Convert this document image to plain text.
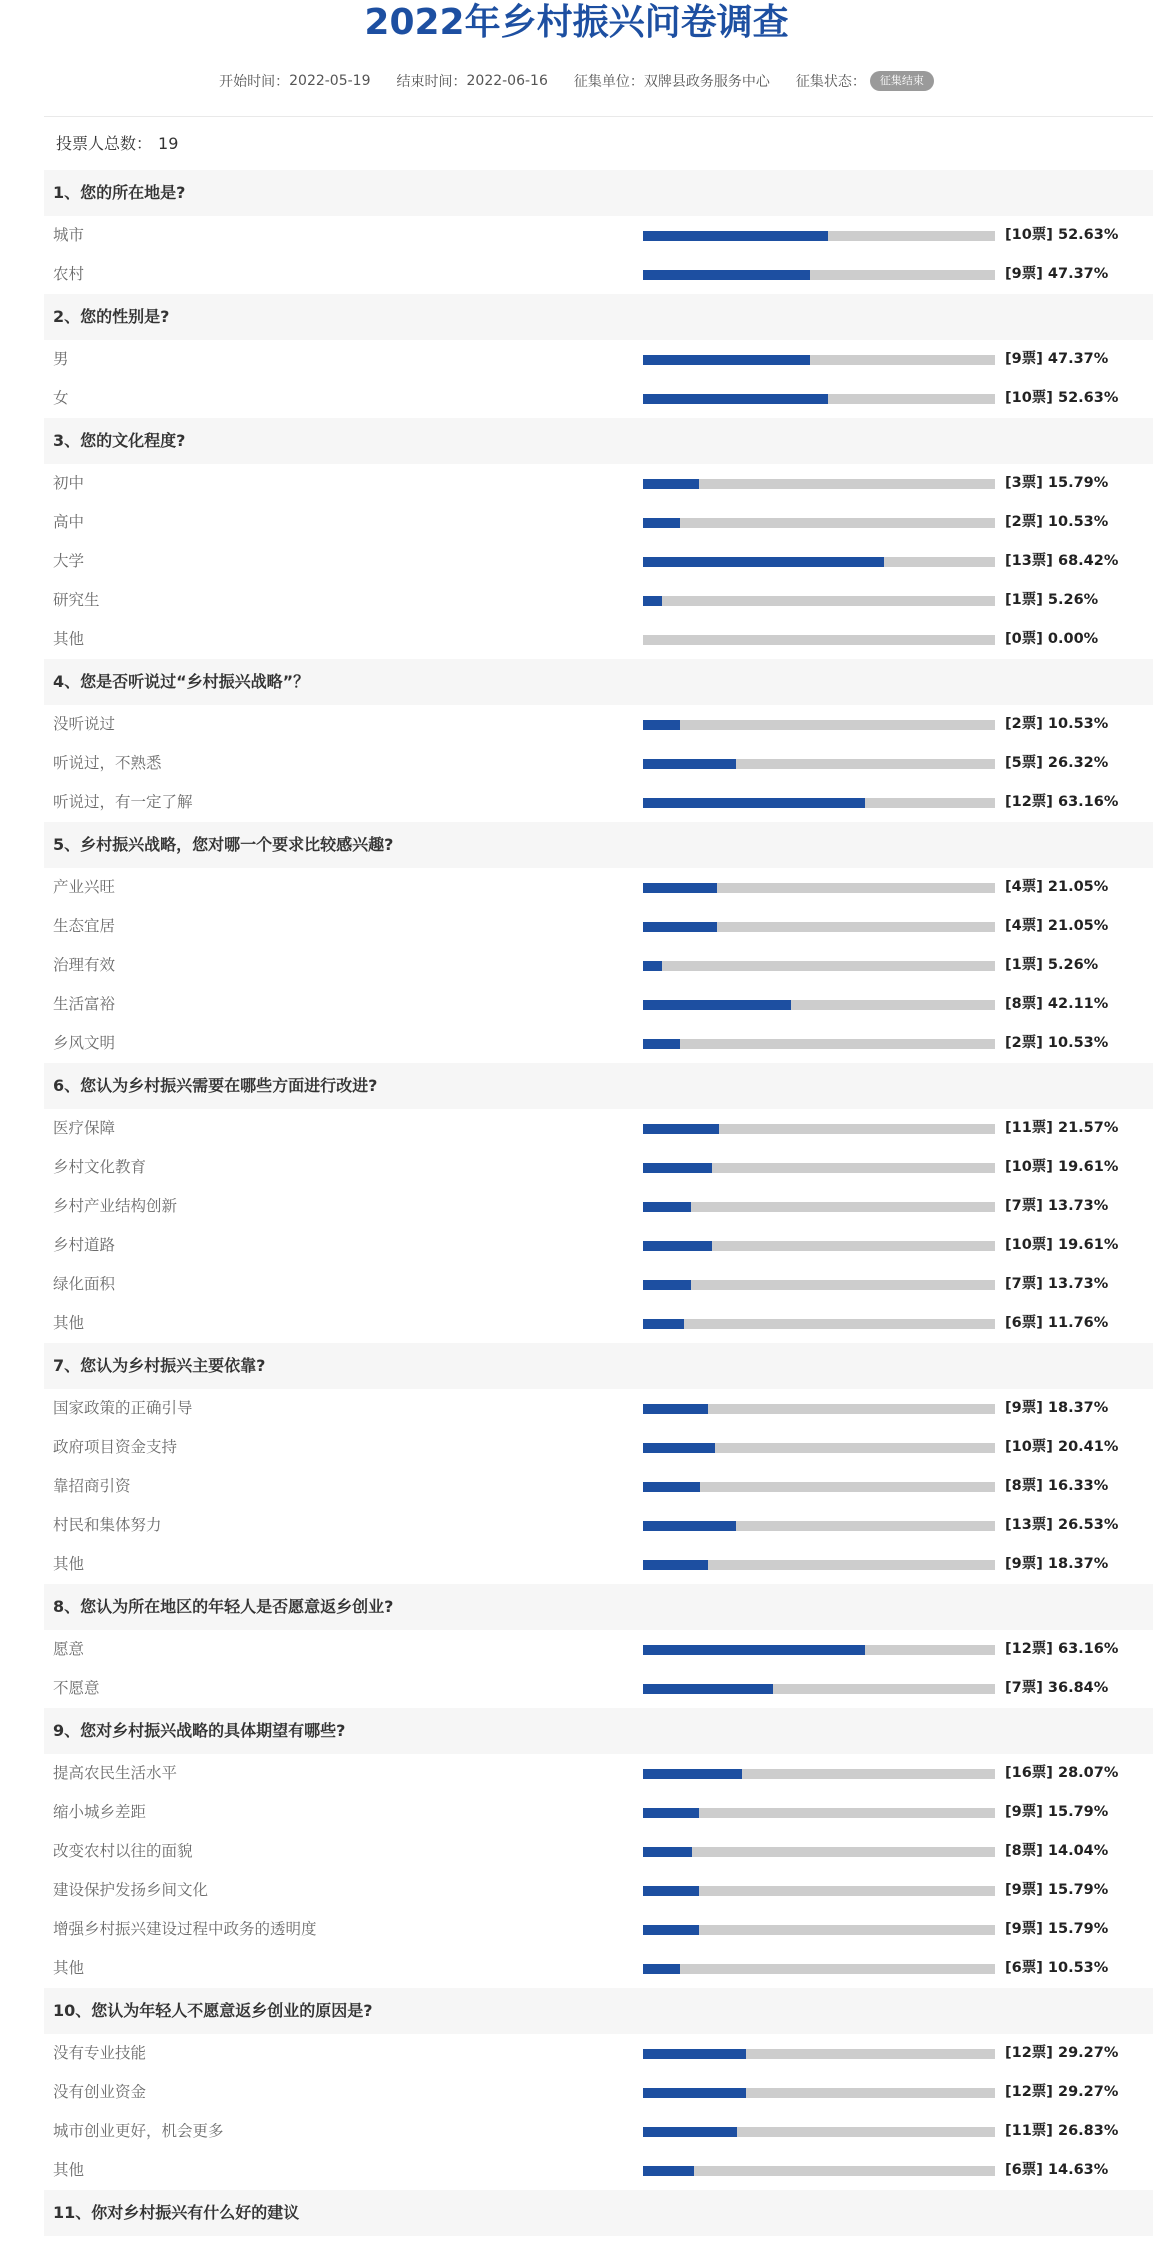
2022年乡村振兴问卷调查
开始时间： 2022-05-19 结束时间： 2022-06-16 征集单位： 双牌县政务服务中心 征集状态：	征集结束
投票人总数： 19
1、您的所在地是?
城市	[10票] 52.63%
农村	[9票] 47.37%
2、您的性别是?
男	[9票] 47.37%
女	[10票] 52.63%
3、您的文化程度?
初中	[3票] 15.79%
高中	[2票] 10.53%
大学	[13票] 68.42%
研究生	[1票] 5.26%
其他	[0票] 0.00%
4、您是否听说过“乡村振兴战略”？
没听说过	[2票] 10.53%
听说过，不熟悉	[5票] 26.32%
听说过，有一定了解	[12票] 63.16%
5、乡村振兴战略，您对哪一个要求比较感兴趣?
产业兴旺	[4票] 21.05%
生态宜居	[4票] 21.05%
治理有效	[1票] 5.26%
生活富裕	[8票] 42.11%
乡风文明	[2票] 10.53%
6、您认为乡村振兴需要在哪些方面进行改进?
医疗保障	[11票] 21.57%
乡村文化教育	[10票] 19.61%
乡村产业结构创新	[7票] 13.73%
乡村道路	[10票] 19.61%
绿化面积	[7票] 13.73%
其他	[6票] 11.76%
7、您认为乡村振兴主要依靠?
国家政策的正确引导	[9票] 18.37%
政府项目资金支持	[10票] 20.41%
靠招商引资	[8票] 16.33%
村民和集体努力	[13票] 26.53%
其他	[9票] 18.37%
8、您认为所在地区的年轻人是否愿意返乡创业?
愿意	[12票] 63.16%
不愿意	[7票] 36.84%
9、您对乡村振兴战略的具体期望有哪些?
提高农民生活水平	[16票] 28.07%
缩小城乡差距	[9票] 15.79%
改变农村以往的面貌	[8票] 14.04%
建设保护发扬乡间文化	[9票] 15.79%
增强乡村振兴建设过程中政务的透明度	[9票] 15.79%
其他	[6票] 10.53%
10、您认为年轻人不愿意返乡创业的原因是?
没有专业技能	[12票] 29.27%
没有创业资金	[12票] 29.27%
城市创业更好，机会更多	[11票] 26.83%
其他	[6票] 14.63%
11、你对乡村振兴有什么好的建议
